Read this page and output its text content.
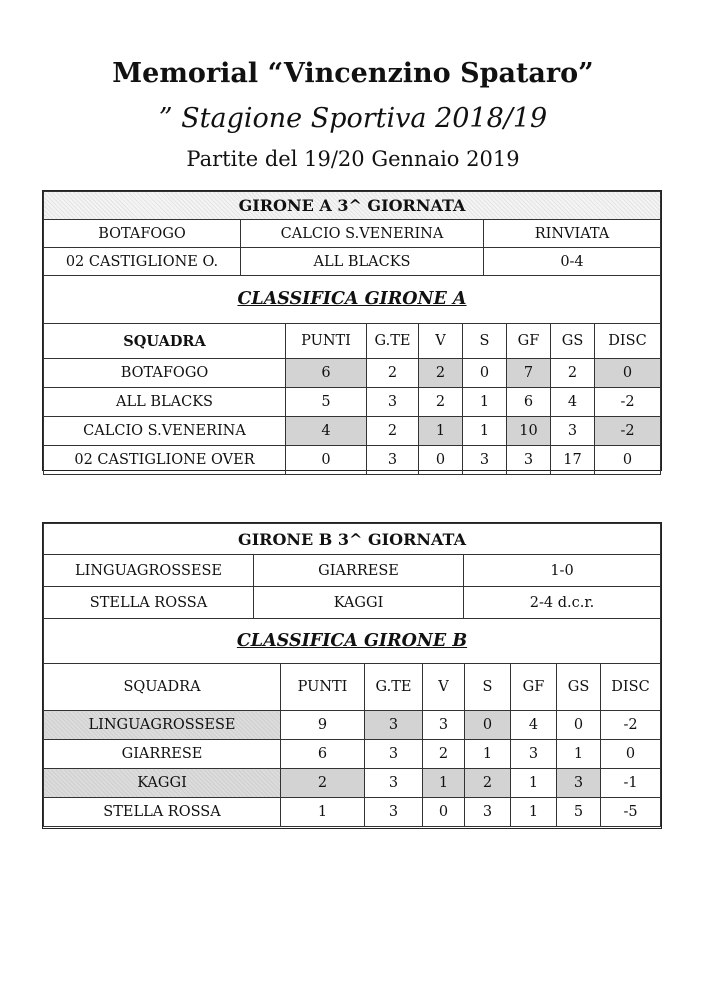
Memorial “Vincenzino Spataro”
” Stagione Sportiva 2018/19
Partite del 19/20 Gennaio 2019
GIRONE A 3^ GIORNATA		
BOTAFOGO	CALCIO S.VENERINA	RINVIATA
02 CASTIGLIONE O.	ALL BLACKS	0-4
CLASSIFICA GIRONE A
SQUADRA	PUNTI	G.TE	V	S	GF	GS	DISC
BOTAFOGO	6	2	2	0	7	2	0
ALL BLACKS	5	3	2	1	6	4	-2
CALCIO S.VENERINA	4	2	1	1	10	3	-2
02 CASTIGLIONE OVER	0	3	0	3	3	17	0
GIRONE B 3^ GIORNATA		
LINGUAGROSSESE	GIARRESE	1-0
STELLA ROSSA	KAGGI	2-4 d.c.r.
CLASSIFICA GIRONE B
SQUADRA	PUNTI	G.TE	V	S	GF	GS	DISC
LINGUAGROSSESE	9	3	3	0	4	0	-2
GIARRESE	6	3	2	1	3	1	0
KAGGI	2	3	1	2	1	3	-1
STELLA ROSSA	1	3	0	3	1	5	-5
